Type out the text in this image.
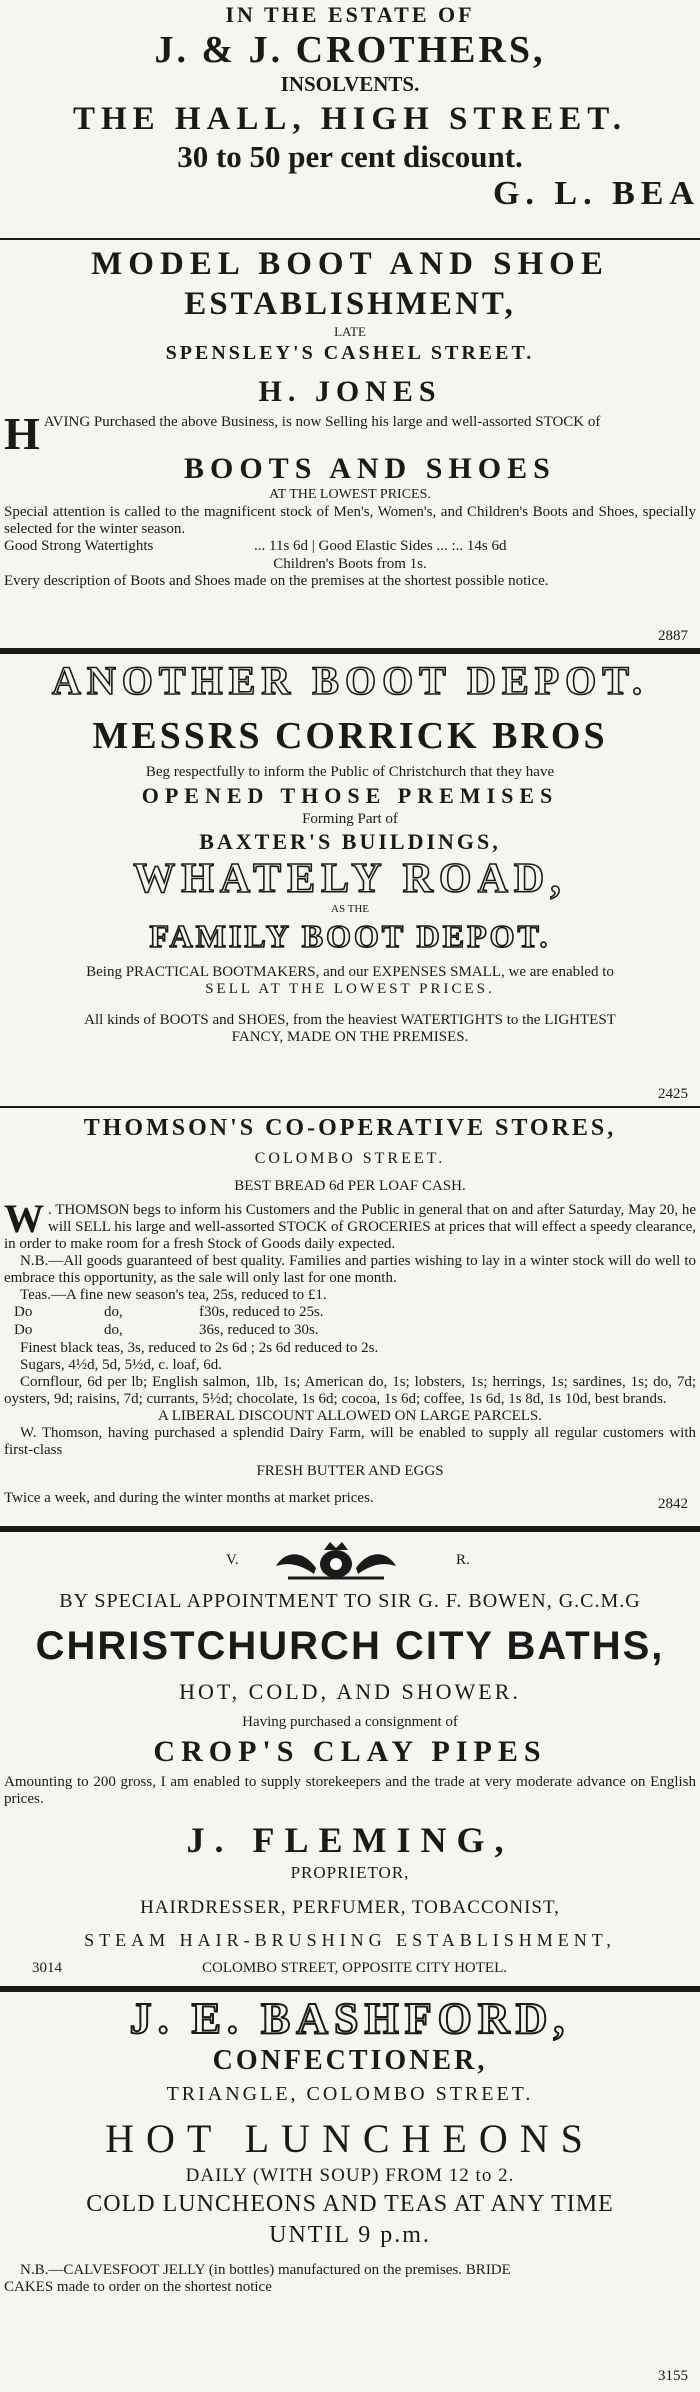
IN THE ESTATE OF
J. & J. CROTHERS,
INSOLVENTS.
THE HALL, HIGH STREET.
30 to 50 per cent discount.
G. L. BEA
MODEL BOOT AND SHOE
ESTABLISHMENT,
LATE
SPENSLEY'S CASHEL STREET.
H. JONES
H AVING Purchased the above Business, is now Selling his large and well-assorted STOCK of
BOOTS AND SHOES
AT THE LOWEST PRICES.
Special attention is called to the magnificent stock of Men's, Women's, and Children's Boots and Shoes, specially selected for the winter season.
Good Strong Watertights	... 11s 6d | Good Elastic Sides ... :.. 14s 6d
Children's Boots from 1s.
Every description of Boots and Shoes made on the premises at the shortest possible notice.
2887
ANOTHER BOOT DEPOT.
MESSRS CORRICK BROS
Beg respectfully to inform the Public of Christchurch that they have
OPENED THOSE PREMISES
Forming Part of
BAXTER'S BUILDINGS,
WHATELY ROAD,
AS THE
FAMILY BOOT DEPOT.
Being PRACTICAL BOOTMAKERS, and our EXPENSES SMALL, we are enabled to
SELL AT THE LOWEST PRICES.
All kinds of BOOTS and SHOES, from the heaviest WATERTIGHTS to the LIGHTEST
FANCY, MADE ON THE PREMISES.
2425
THOMSON'S CO-OPERATIVE STORES,
COLOMBO STREET.
BEST BREAD 6d PER LOAF CASH.
W . THOMSON begs to inform his Customers and the Public in general that on and after Saturday, May 20, he will SELL his large and well-assorted STOCK of GROCERIES at prices that will effect a speedy clearance, in order to make room for a fresh Stock of Goods daily expected.
N.B.—All goods guaranteed of best quality. Families and parties wishing to lay in a winter stock will do well to embrace this opportunity, as the sale will only last for one month.
Teas.—A fine new season's tea, 25s, reduced to £1.
Do	do,	f30s, reduced to 25s.
Do	do,	36s, reduced to 30s.
Finest black teas, 3s, reduced to 2s 6d ; 2s 6d reduced to 2s.
Sugars, 4½d, 5d, 5½d, c. loaf, 6d.
Cornflour, 6d per lb; English salmon, 1lb, 1s; American do, 1s; lobsters, 1s; herrings, 1s; sardines, 1s; do, 7d; oysters, 9d; raisins, 7d; currants, 5½d; chocolate, 1s 6d; cocoa, 1s 6d; coffee, 1s 6d, 1s 8d, 1s 10d, best brands.
A LIBERAL DISCOUNT ALLOWED ON LARGE PARCELS.
W. Thomson, having purchased a splendid Dairy Farm, will be enabled to supply all regular customers with first-class
FRESH BUTTER AND EGGS
Twice a week, and during the winter months at market prices.	2842
V.	R.
BY SPECIAL APPOINTMENT TO SIR G. F. BOWEN, G.C.M.G
CHRISTCHURCH CITY BATHS,
HOT, COLD, AND SHOWER.
Having purchased a consignment of
CROP'S CLAY PIPES
Amounting to 200 gross, I am enabled to supply storekeepers and the trade at very moderate advance on English prices.
J. FLEMING,
PROPRIETOR,
HAIRDRESSER, PERFUMER, TOBACCONIST,
STEAM HAIR-BRUSHING ESTABLISHMENT,
3014	COLOMBO STREET, OPPOSITE CITY HOTEL.
J. E. BASHFORD,
CONFECTIONER,
TRIANGLE, COLOMBO STREET.
HOT LUNCHEONS
DAILY (WITH SOUP) FROM 12 to 2.
COLD LUNCHEONS AND TEAS AT ANY TIME
UNTIL 9 p.m.
N.B.—CALVESFOOT JELLY (in bottles) manufactured on the premises. BRIDE
CAKES made to order on the shortest notice
3155
